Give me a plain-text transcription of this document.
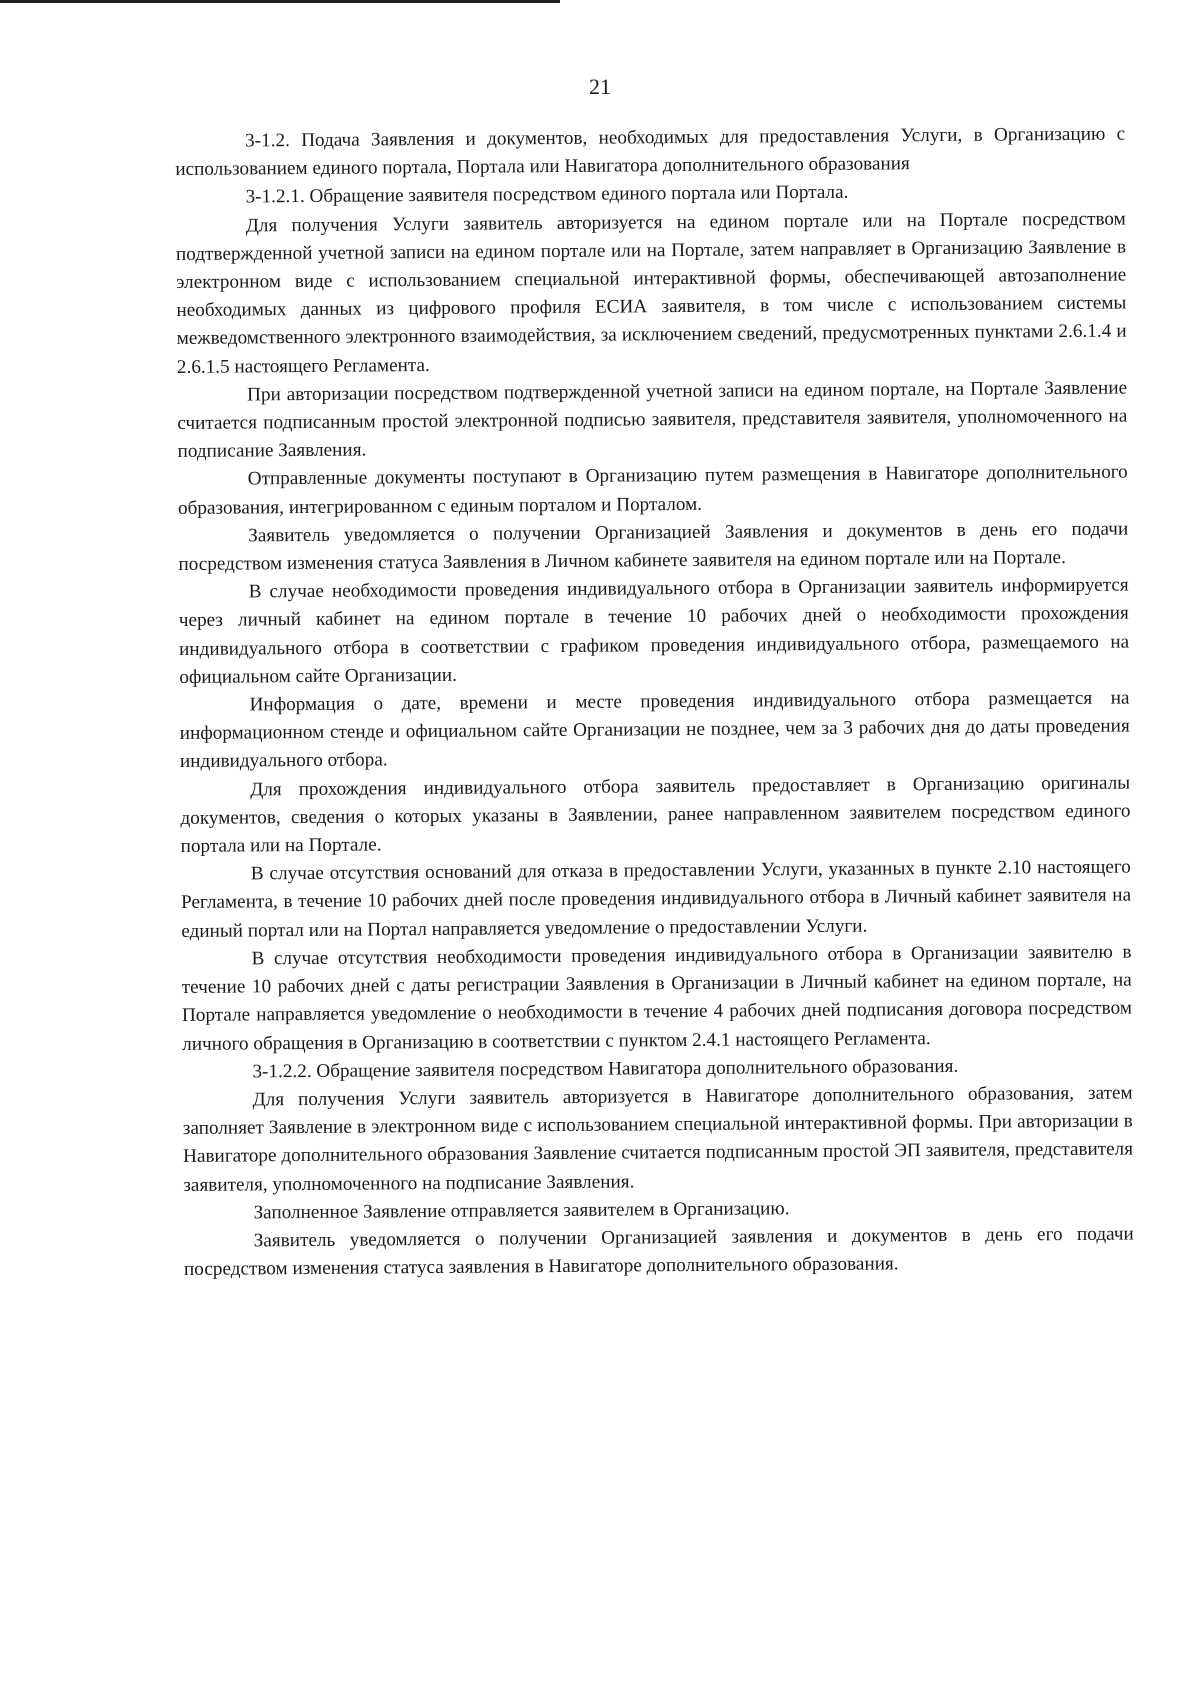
21

3-1.2. Подача Заявления и документов, необходимых для предоставления Услуги, в Организацию с использованием единого портала, Портала или Навигатора дополнительного образования

3-1.2.1. Обращение заявителя посредством единого портала или Портала.

Для получения Услуги заявитель авторизуется на едином портале или на Портале посредством подтвержденной учетной записи на едином портале или на Портале, затем направляет в Организацию Заявление в электронном виде с использованием специальной интерактивной формы, обеспечивающей автозаполнение необходимых данных из цифрового профиля ЕСИА заявителя, в том числе с использованием системы межведомственного электронного взаимодействия, за исключением сведений, предусмотренных пунктами 2.6.1.4 и 2.6.1.5 настоящего Регламента.

При авторизации посредством подтвержденной учетной записи на едином портале, на Портале Заявление считается подписанным простой электронной подписью заявителя, представителя заявителя, уполномоченного на подписание Заявления.

Отправленные документы поступают в Организацию путем размещения в Навигаторе дополнительного образования, интегрированном с единым порталом и Порталом.

Заявитель уведомляется о получении Организацией Заявления и документов в день его подачи посредством изменения статуса Заявления в Личном кабинете заявителя на едином портале или на Портале.

В случае необходимости проведения индивидуального отбора в Организации заявитель информируется через личный кабинет на едином портале в течение 10 рабочих дней о необходимости прохождения индивидуального отбора в соответствии с графиком проведения индивидуального отбора, размещаемого на официальном сайте Организации.

Информация о дате, времени и месте проведения индивидуального отбора размещается на информационном стенде и официальном сайте Организации не позднее, чем за 3 рабочих дня до даты проведения индивидуального отбора.

Для прохождения индивидуального отбора заявитель предоставляет в Организацию оригиналы документов, сведения о которых указаны в Заявлении, ранее направленном заявителем посредством единого портала или на Портале.

В случае отсутствия оснований для отказа в предоставлении Услуги, указанных в пункте 2.10 настоящего Регламента, в течение 10 рабочих дней после проведения индивидуального отбора в Личный кабинет заявителя на единый портал или на Портал направляется уведомление о предоставлении Услуги.

В случае отсутствия необходимости проведения индивидуального отбора в Организации заявителю в течение 10 рабочих дней с даты регистрации Заявления в Организации в Личный кабинет на едином портале, на Портале направляется уведомление о необходимости в течение 4 рабочих дней подписания договора посредством личного обращения в Организацию в соответствии с пунктом 2.4.1 настоящего Регламента.

3-1.2.2. Обращение заявителя посредством Навигатора дополнительного образования.

Для получения Услуги заявитель авторизуется в Навигаторе дополнительного образования, затем заполняет Заявление в электронном виде с использованием специальной интерактивной формы. При авторизации в Навигаторе дополнительного образования Заявление считается подписанным простой ЭП заявителя, представителя заявителя, уполномоченного на подписание Заявления.

Заполненное Заявление отправляется заявителем в Организацию.

Заявитель уведомляется о получении Организацией заявления и документов в день его подачи посредством изменения статуса заявления в Навигаторе дополнительного образования.
